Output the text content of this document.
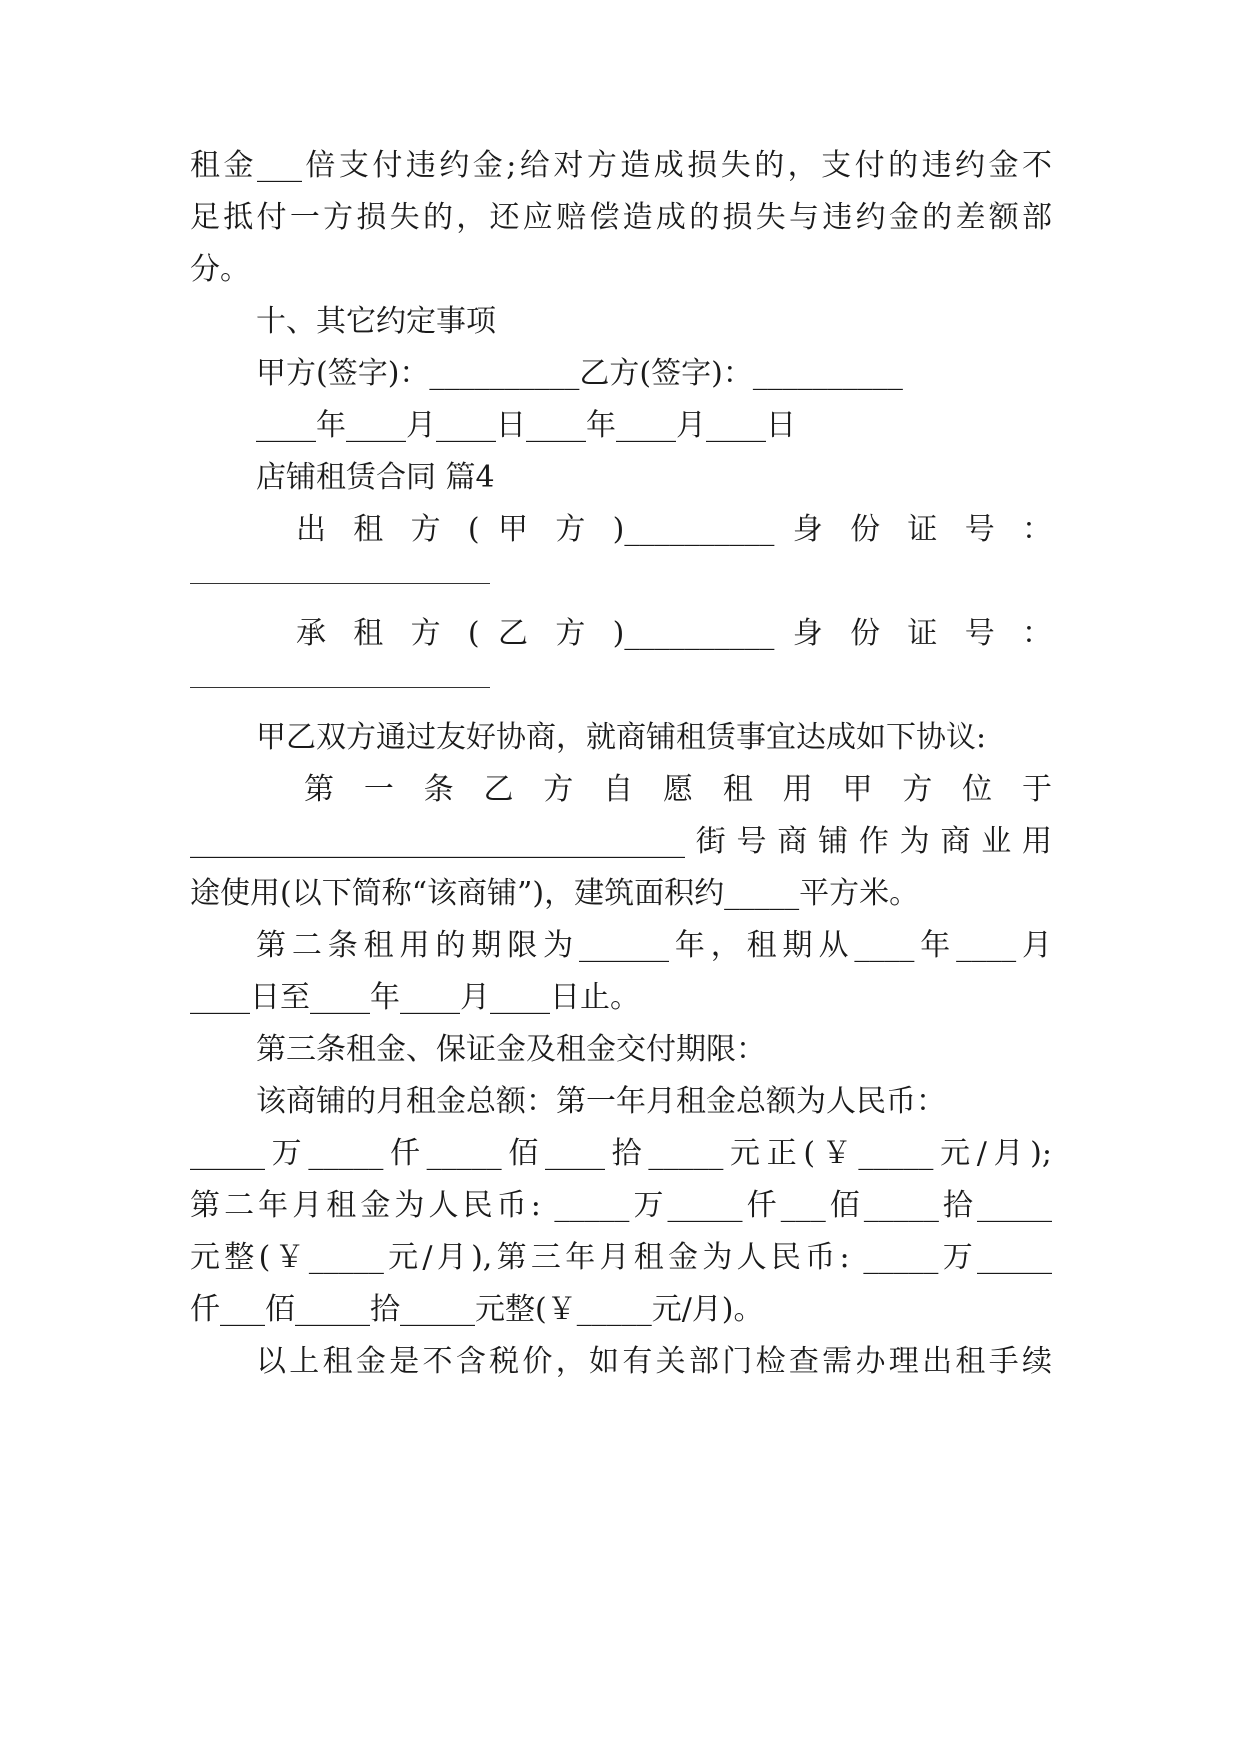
租金___倍支付违约金;给对方造成损失的，支付的违约金不
足抵付一方损失的，还应赔偿造成的损失与违约金的差额部
分。
十、其它约定事项
甲方(签字)：__________乙方(签字)：__________
____年____月____日____年____月____日
店铺租赁合同 篇4
出 租 方 ( 甲 方 )__________ 身 份 证 号 ：
承 租 方 ( 乙 方 )__________ 身 份 证 号 ：
甲乙双方通过友好协商，就商铺租赁事宜达成如下协议:
第 一 条 乙 方 自 愿 租 用 甲 方 位 于
_________________________________街号商铺作为商业用
途使用(以下简称“该商铺”)，建筑面积约_____平方米。
第二条租用的期限为______年，租期从____年____月
____日至____年____月____日止。
第三条租金、保证金及租金交付期限：
该商铺的月租金总额：第一年月租金总额为人民币：
_____万_____仟_____佰____拾_____元正(￥_____元/月);
第二年月租金为人民币: _____万_____仟___佰_____拾_____
元整(￥_____元/月),第三年月租金为人民币: _____万_____
仟___佰_____拾_____元整(￥_____元/月)。
以上租金是不含税价，如有关部门检查需办理出租手续
